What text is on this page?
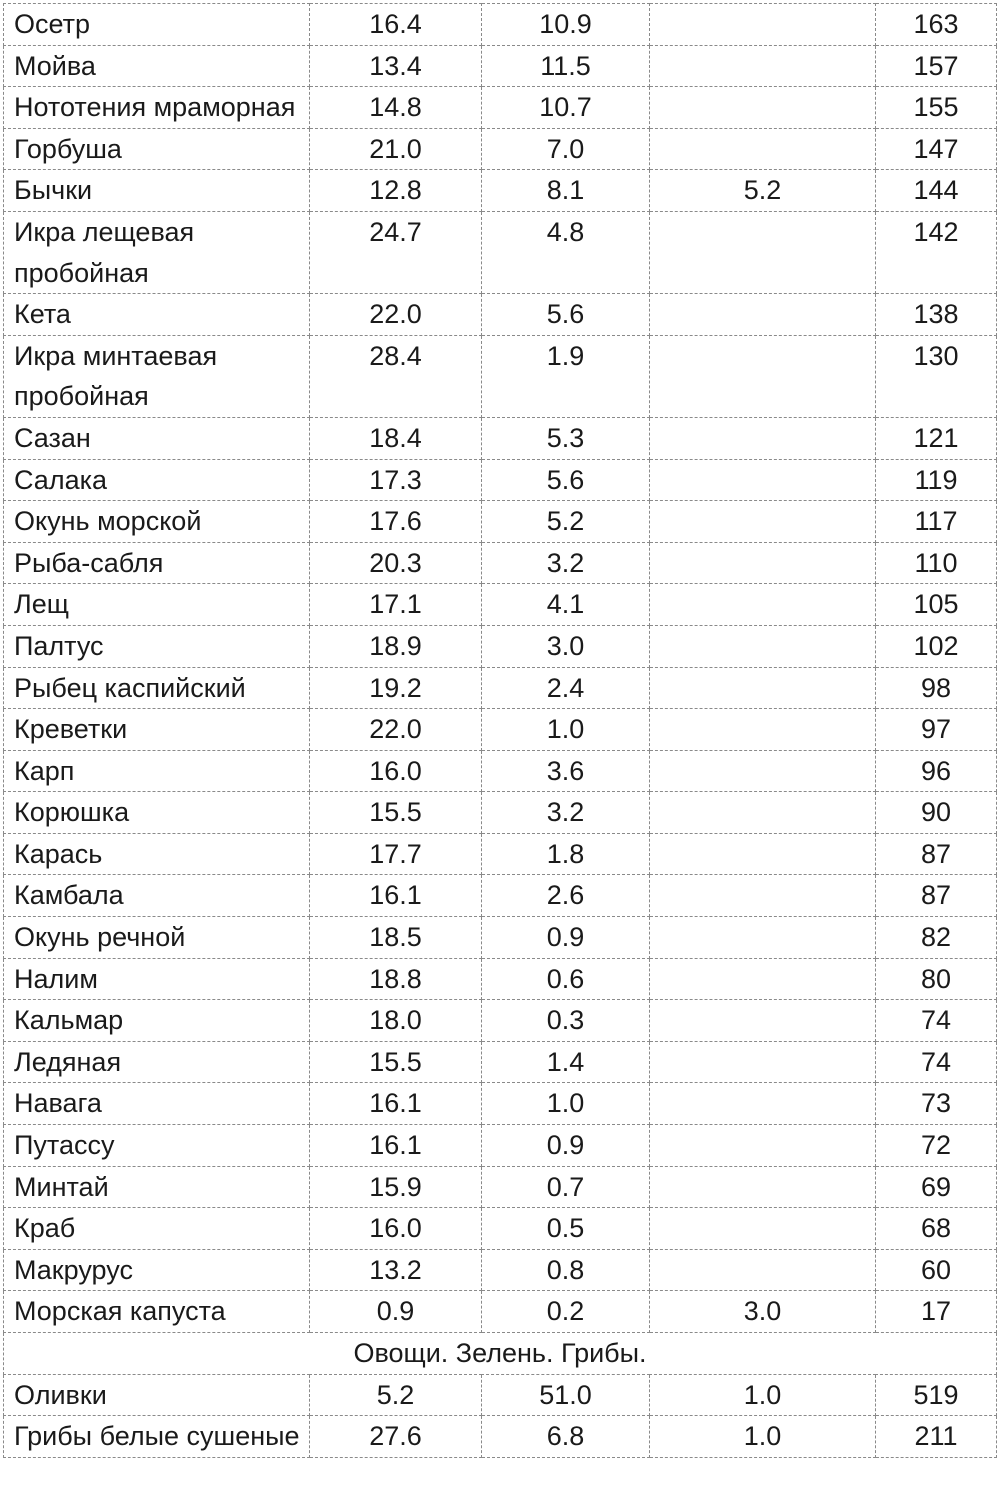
Осетр	16.4	10.9		163
Мойва	13.4	11.5		157
Нототения мраморная	14.8	10.7		155
Горбуша	21.0	7.0		147
Бычки	12.8	8.1	5.2	144
Икра лещевая пробойная	24.7	4.8		142
Кета	22.0	5.6		138
Икра минтаевая пробойная	28.4	1.9		130
Сазан	18.4	5.3		121
Салака	17.3	5.6		119
Окунь морской	17.6	5.2		117
Рыба-сабля	20.3	3.2		110
Лещ	17.1	4.1		105
Палтус	18.9	3.0		102
Рыбец каспийский	19.2	2.4		98
Креветки	22.0	1.0		97
Карп	16.0	3.6		96
Корюшка	15.5	3.2		90
Карась	17.7	1.8		87
Камбала	16.1	2.6		87
Окунь речной	18.5	0.9		82
Налим	18.8	0.6		80
Кальмар	18.0	0.3		74
Ледяная	15.5	1.4		74
Навага	16.1	1.0		73
Путассу	16.1	0.9		72
Минтай	15.9	0.7		69
Краб	16.0	0.5		68
Макрурус	13.2	0.8		60
Морская капуста	0.9	0.2	3.0	17
Овощи. Зелень. Грибы.				
Оливки	5.2	51.0	1.0	519
Грибы белые сушеные	27.6	6.8	1.0	211
